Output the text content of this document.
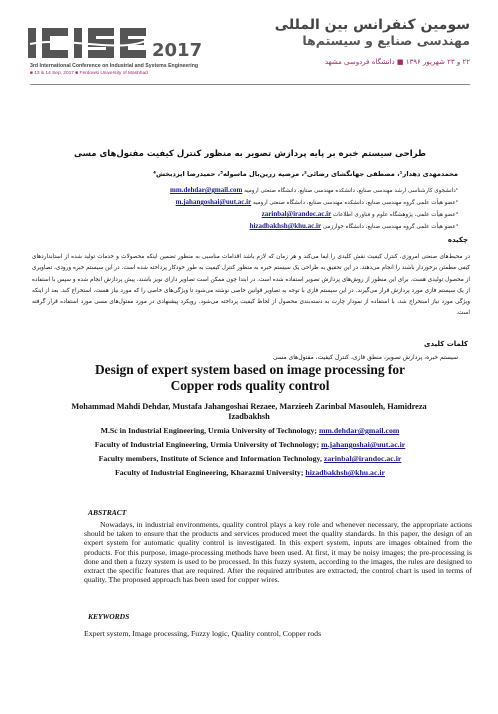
2017
سومین کنفرانس بین المللی
مهندسی صنایع و سیستم‌ها
۲۲ و ۲۳ شهریور ۱۳۹۶ ■ دانشگاه فردوسی مشهد
3rd International Conference on Industrial and Systems Engineering
■ 13 & 14 Sep, 2017 ■ Ferdowsi University of Mashhad
طراحی سیستم خبره بر پایه پردازش تصویر به منظور کنترل کیفیت مفتول‌های مسی
محمدمهدی دهدار¹، مصطفی جهانگشای رضائی²، مرضیه زرین‌بال ماسوله³، حمیدرضا ایزدبخش⁴
¹دانشجوی کارشناسی ارشد مهندسی صنایع، دانشکده مهندسی صنایع، دانشگاه صنعتی ارومیه mm.dehdar@gmail.com
²عضو هیأت علمی گروه مهندسی صنایع، دانشکده مهندسی صنایع، دانشگاه صنعتی ارومیه m.jahangoshai@uut.ac.ir
³عضو هیأت علمی، پژوهشگاه علوم و فناوری اطلاعات zarinbal@irandoc.ac.ir
⁴عضو هیأت علمی گروه مهندسی صنایع، دانشگاه خوارزمی hizadbakhsh@khu.ac.ir
چکیده
در محیط‌های صنعتی امروزی، کنترل کیفیت نقش کلیدی را ایفا می‌کند و هر زمان که لازم باشد اقدامات مناسبی به منظور تضمین اینکه محصولات و خدمات تولید شده از استانداردهای کیفی مطمئن برخوردار باشند را انجام می‌دهند. در این تحقیق به طراحی یک سیستم خبره به منظور کنترل کیفیت به طور خودکار پرداخته شده است. در این سیستم خبره ورودی، تصاویری از محصول تولیدی هست. برای این منظور از روش‌های پردازش تصویر استفاده شده است. در ابتدا چون ممکن است تصاویر دارای نویز باشند، پیش پردازش انجام شده و سپس با استفاده از یک سیستم فازی مورد پردازش قرار می‌گیرند. در این سیستم فازی با توجه به تصاویر قوانین خاصی نوشته می‌شود تا ویژگی‌های خاصی را که مورد نیاز هست، استخراج کند. بعد از اینکه ویژگی مورد نیاز استخراج شد، با استفاده از نمودار چارت به دسته‌بندی محصول از لحاظ کیفیت پرداخته می‌شود. رویکرد پیشنهادی در مورد مفتول‌های مسی مورد استفاده قرار گرفته است.
کلمات کلیدی
سیستم خبره، پردازش تصویر، منطق فازی، کنترل کیفیت، مفتول‌های مسی
Design of expert system based on image processing for Copper rods quality control
Mohammad Mahdi Dehdar, Mustafa Jahangoshai Rezaee, Marzieeh Zarinbal Masouleh, Hamidreza Izadbakhsh
M.Sc in Industrial Engineering, Urmia University of Technology; mm.dehdar@gmail.com
Faculty of Industrial Engineering, Urmia University of Technology; m.jahangoshai@uut.ac.ir
Faculty members, Institute of Science and Information Technology, zarinbal@irandoc.ac.ir
Faculty of Industrial Engineering, Kharazmi University; hizadbakhsh@khu.ac.ir
ABSTRACT
Nowadays, in industrial environments, quality control plays a key role and whenever necessary, the appropriate actions should be taken to ensure that the products and services produced meet the quality standards. In this paper, the design of an expert system for automatic quality control is investigated. In this expert system, inputs are images obtained from the products. For this purpose, image-processing methods have been used. At first, it may be noisy images; the pre-processing is done and then a fuzzy system is used to be processed. In this fuzzy system, according to the images, the rules are designed to extract the specific features that are required. After the required attributes are extracted, the control chart is used in terms of quality. The proposed approach has been used for copper wires.
KEYWORDS
Expert system, Image processing, Fuzzy logic, Quality control, Copper rods
